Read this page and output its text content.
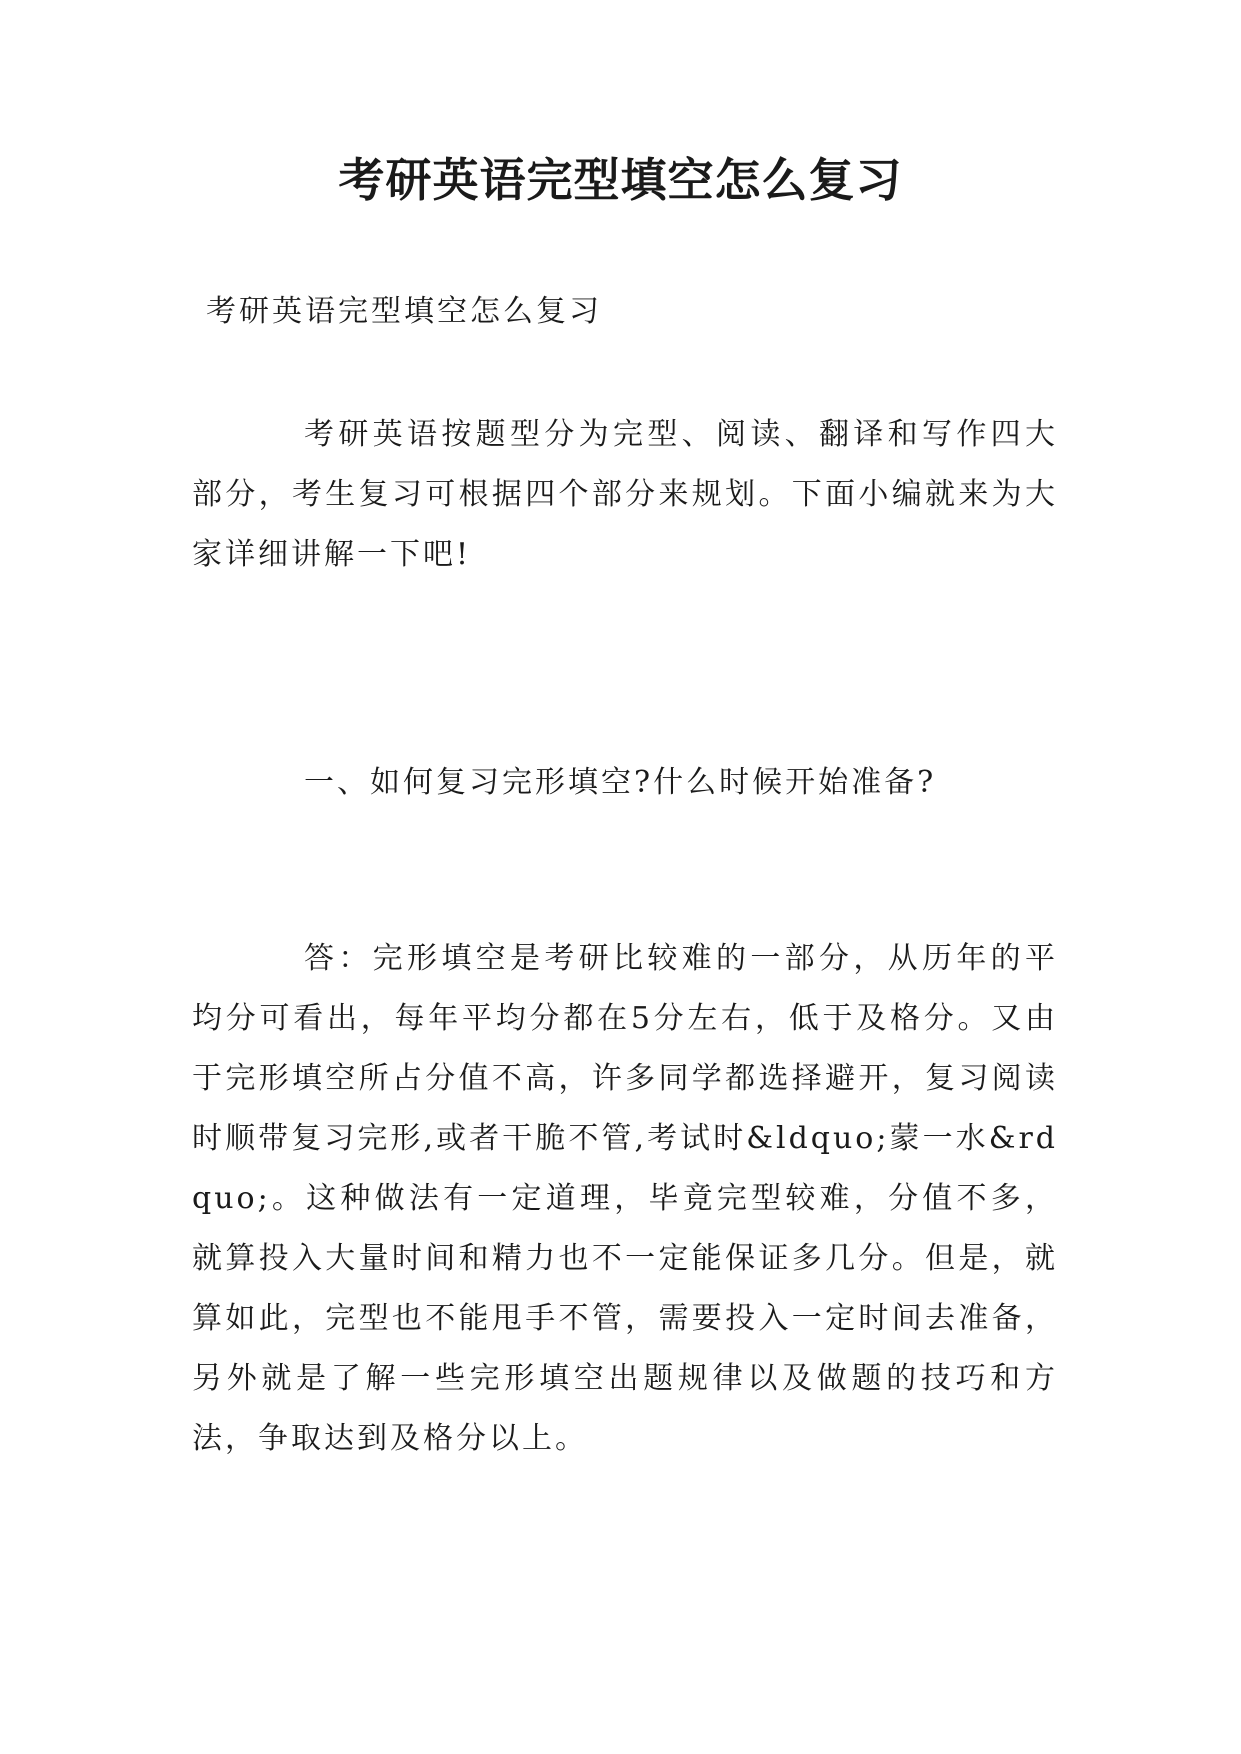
考研英语完型填空怎么复习

考研英语完型填空怎么复习

考研英语按题型分为完型、阅读、翻译和写作四大部分，考生复习可根据四个部分来规划。下面小编就来为大家详细讲解一下吧!

一、如何复习完形填空?什么时候开始准备?

答：完形填空是考研比较难的一部分，从历年的平均分可看出，每年平均分都在5分左右，低于及格分。又由于完形填空所占分值不高，许多同学都选择避开，复习阅读时顺带复习完形,或者干脆不管,考试时&ldquo;蒙一水&rdquo;。这种做法有一定道理，毕竟完型较难，分值不多，就算投入大量时间和精力也不一定能保证多几分。但是，就算如此，完型也不能甩手不管，需要投入一定时间去准备，另外就是了解一些完形填空出题规律以及做题的技巧和方法，争取达到及格分以上。
